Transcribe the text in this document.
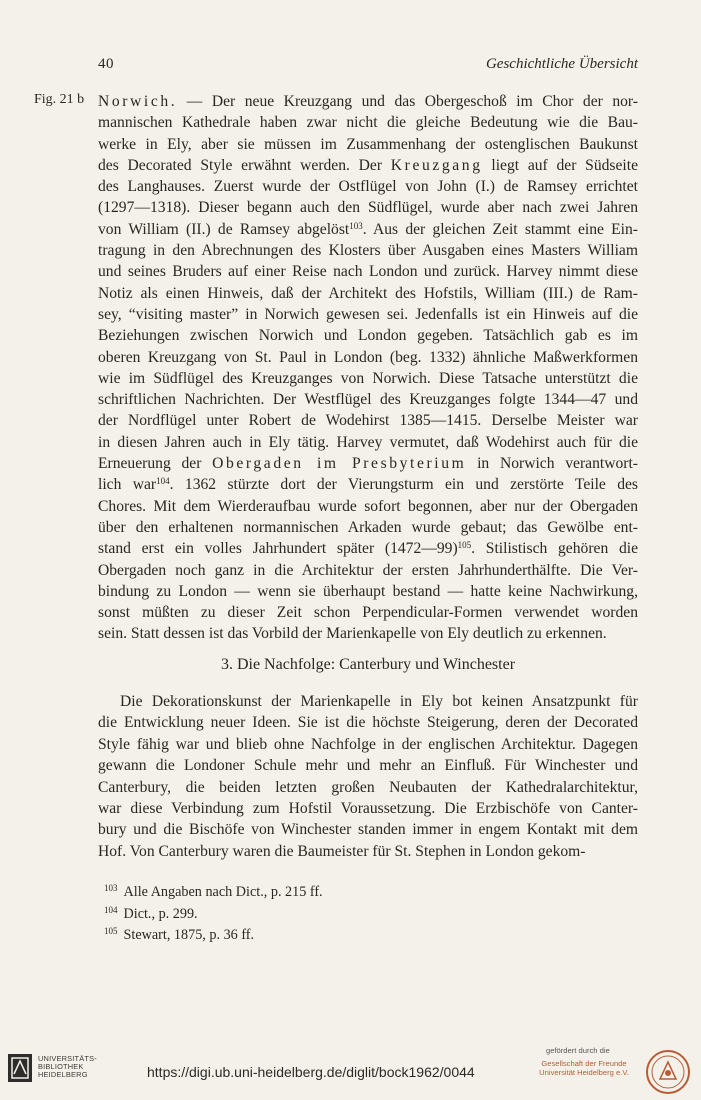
40	Geschichtliche Übersicht
Fig. 21 b Norwich. — Der neue Kreuzgang und das Obergeschoß im Chor der nor-
mannischen Kathedrale haben zwar nicht die gleiche Bedeutung wie die Bau-
werke in Ely, aber sie müssen im Zusammenhang der ostenglischen Baukunst
des Decorated Style erwähnt werden. Der Kreuzgang liegt auf der Südseite
des Langhauses. Zuerst wurde der Ostflügel von John (I.) de Ramsey errichtet
(1297—1318). Dieser begann auch den Südflügel, wurde aber nach zwei Jahren
von William (II.) de Ramsey abgelöst$^{103}$. Aus der gleichen Zeit stammt eine Ein-
tragung in den Abrechnungen des Klosters über Ausgaben eines Masters William
und seines Bruders auf einer Reise nach London und zurück. Harvey nimmt diese
Notiz als einen Hinweis, daß der Architekt des Hofstils, William (III.) de Ram-
sey, “visiting master” in Norwich gewesen sei. Jedenfalls ist ein Hinweis auf die
Beziehungen zwischen Norwich und London gegeben. Tatsächlich gab es im
oberen Kreuzgang von St. Paul in London (beg. 1332) ähnliche Maßwerkformen
wie im Südflügel des Kreuzganges von Norwich. Diese Tatsache unterstützt die
schriftlichen Nachrichten. Der Westflügel des Kreuzganges folgte 1344—47 und
der Nordflügel unter Robert de Wodehirst 1385—1415. Derselbe Meister war
in diesen Jahren auch in Ely tätig. Harvey vermutet, daß Wodehirst auch für die
Erneuerung der Obergaden im Presbyterium in Norwich verantwort-
lich war$^{104}$. 1362 stürzte dort der Vierungsturm ein und zerstörte Teile des
Chores. Mit dem Wierderaufbau wurde sofort begonnen, aber nur der Obergaden
über den erhaltenen normannischen Arkaden wurde gebaut; das Gewölbe ent-
stand erst ein volles Jahrhundert später (1472—99)$^{105}$. Stilistisch gehören die
Obergaden noch ganz in die Architektur der ersten Jahrhunderthälfte. Die Ver-
bindung zu London — wenn sie überhaupt bestand — hatte keine Nachwirkung,
sonst müßten zu dieser Zeit schon Perpendicular-Formen verwendet worden
sein. Statt dessen ist das Vorbild der Marienkapelle von Ely deutlich zu erkennen.
3. Die Nachfolge: Canterbury und Winchester
Die Dekorationskunst der Marienkapelle in Ely bot keinen Ansatzpunkt für
die Entwicklung neuer Ideen. Sie ist die höchste Steigerung, deren der Decorated
Style fähig war und blieb ohne Nachfolge in der englischen Architektur. Dagegen
gewann die Londoner Schule mehr und mehr an Einfluß. Für Winchester und
Canterbury, die beiden letzten großen Neubauten der Kathedralarchitektur,
war diese Verbindung zum Hofstil Voraussetzung. Die Erzbischöfe von Canter-
bury und die Bischöfe von Winchester standen immer in engem Kontakt mit dem
Hof. Von Canterbury waren die Baumeister für St. Stephen in London gekom-
$^{103}$ Alle Angaben nach Dict., p. 215 ff.
$^{104}$ Dict., p. 299.
$^{105}$ Stewart, 1875, p. 36 ff.
UNIVERSITÄTS-
BIBLIOTHEK
HEIDELBERG	https://digi.ub.uni-heidelberg.de/diglit/bock1962/0044
gefördert durch die
Gesellschaft der Freunde
Universität Heidelberg e.V.
